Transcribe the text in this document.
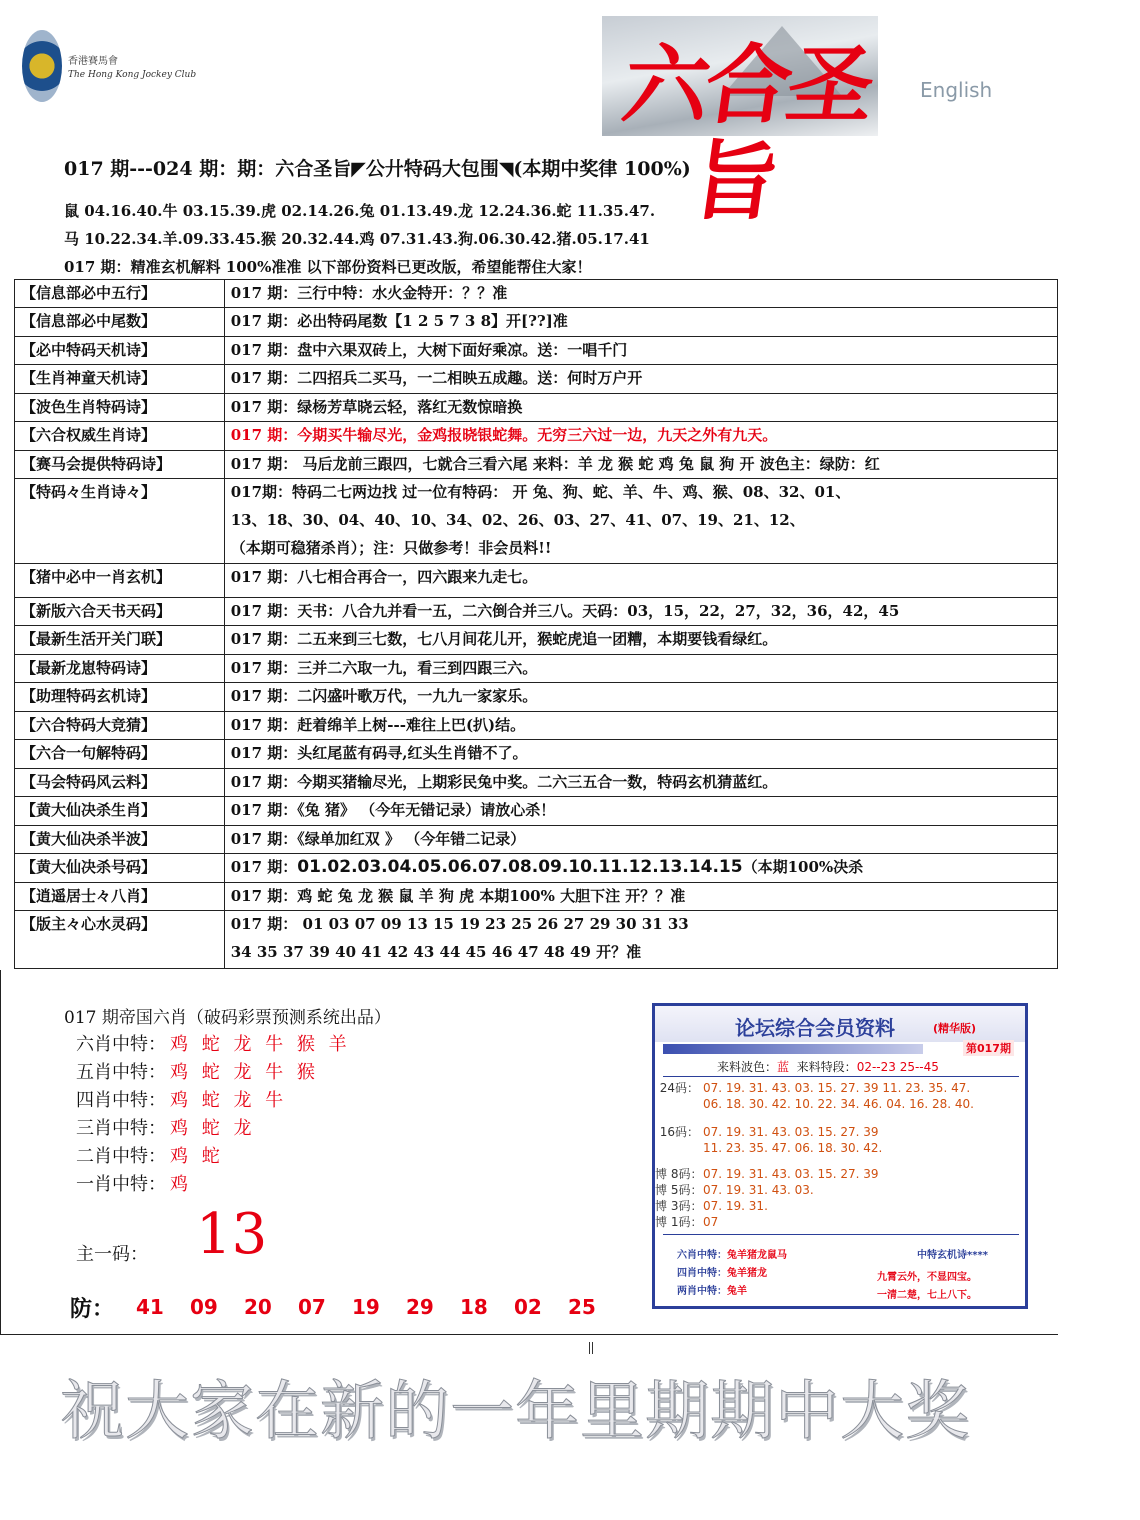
香港賽馬會
The Hong Kong Jockey Club	六合圣旨
English
017 期---024 期：期：六合圣旨◤公廾特码大包围◥(本期中奖律 100%)
鼠 04.16.40.牛 03.15.39.虎 02.14.26.兔 01.13.49.龙 12.24.36.蛇 11.35.47.
马 10.22.34.羊.09.33.45.猴 20.32.44.鸡 07.31.43.狗.06.30.42.猪.05.17.41
017 期：精准玄机解料 100%准准 以下部份资料已更改版，希望能帮住大家！
【信息部必中五行】	017 期：三行中特：水火金特开：？？准
【信息部必中尾数】	017 期：必出特码尾数【1 2 5 7 3 8】开[??]准
【必中特码天机诗】	017 期：盘中六果双砖上，大树下面好乘凉。送：一唱千门
【生肖神童天机诗】	017 期：二四招兵二买马，一二相映五成趣。送：何时万户开
【波色生肖特码诗】	017 期：绿杨芳草晓云轻，落红无数惊暗换
【六合权威生肖诗】	017 期：今期买牛输尽光，金鸡报晓银蛇舞。无穷三六过一边，九天之外有九天。
【赛马会提供特码诗】	017 期： 马后龙前三跟四，七就合三看六尾 来料：羊 龙 猴 蛇 鸡 兔 鼠 狗 开 波色主：绿防：红
【特码々生肖诗々】	017期：特码二七两边找 过一位有特码： 开 兔、狗、蛇、羊、牛、鸡、猴、08、32、01、
13、18、30、04、40、10、34、02、26、03、27、41、07、19、21、12、
（本期可稳猪杀肖）；注：只做参考！非会员料!!

【猪中必中一肖玄机】	017 期：八七相合再合一，四六跟来九走七。
【新版六合天书天码】	017 期：天书：八合九并看一五，二六倒合并三八。天码：03，15，22，27，32，36，42，45
【最新生活开关门联】	017 期：二五来到三七数，七八月间花儿开，猴蛇虎追一团糟，本期要钱看绿红。
【最新龙崽特码诗】	017 期：三并二六取一九，看三到四跟三六。
【助理特码玄机诗】	017 期：二闪盛叶歌万代，一九九一家家乐。
【六合特码大竞猜】	017 期：赶着绵羊上树---难往上巴(扒)结。
【六合一句解特码】	017 期：头红尾蓝有码寻,红头生肖错不了。
【马会特码风云料】	017 期：今期买猪输尽光，上期彩民兔中奖。二六三五合一数，特码玄机猜蓝红。
【黄大仙决杀生肖】	017 期：《兔 猪》 （今年无错记录）请放心杀！
【黄大仙决杀半波】	017 期：《绿单加红双 》 （今年错二记录）
【黄大仙决杀号码】	017 期：01.02.03.04.05.06.07.08.09.10.11.12.13.14.15（本期100%决杀
【逍遥居士々八肖】	017 期：鸡 蛇 兔 龙 猴 鼠 羊 狗 虎 本期100% 大胆下注 开？？准
【版主々心水灵码】	017 期： 01 03 07 09 13 15 19 23 25 26 27 29 30 31 33
34 35 37 39 40 41 42 43 44 45 46 47 48 49 开？准
017 期帝国六肖（破码彩票预测系统出品）
六肖中特： 鸡 蛇 龙 牛 猴 羊
五肖中特： 鸡 蛇 龙 牛 猴
四肖中特： 鸡 蛇 龙 牛
三肖中特： 鸡 蛇 龙
二肖中特： 鸡 蛇
一肖中特： 鸡
主一码： 13
防： 41 09 20 07 19 29 18 02 25
论坛综合会员资料	(精华版)
第017期
来料波色：蓝 来料特段：02--23 25--45
24码： 07. 19. 31. 43. 03. 15. 27. 39 11. 23. 35. 47.
06. 18. 30. 42. 10. 22. 34. 46. 04. 16. 28. 40.
16码： 07. 19. 31. 43. 03. 15. 27. 39
11. 23. 35. 47. 06. 18. 30. 42.
博 8码：07. 19. 31. 43. 03. 15. 27. 39
博 5码：07. 19. 31. 43. 03.
博 3码：07. 19. 31.
博 1码：07
六肖中特：兔羊猪龙鼠马
四肖中特：兔羊猪龙
两肖中特：兔羊
中特玄机诗****
九霄云外，不显四宝。
一清二楚，七上八下。
祝大家在新的一年里期期中大奖
